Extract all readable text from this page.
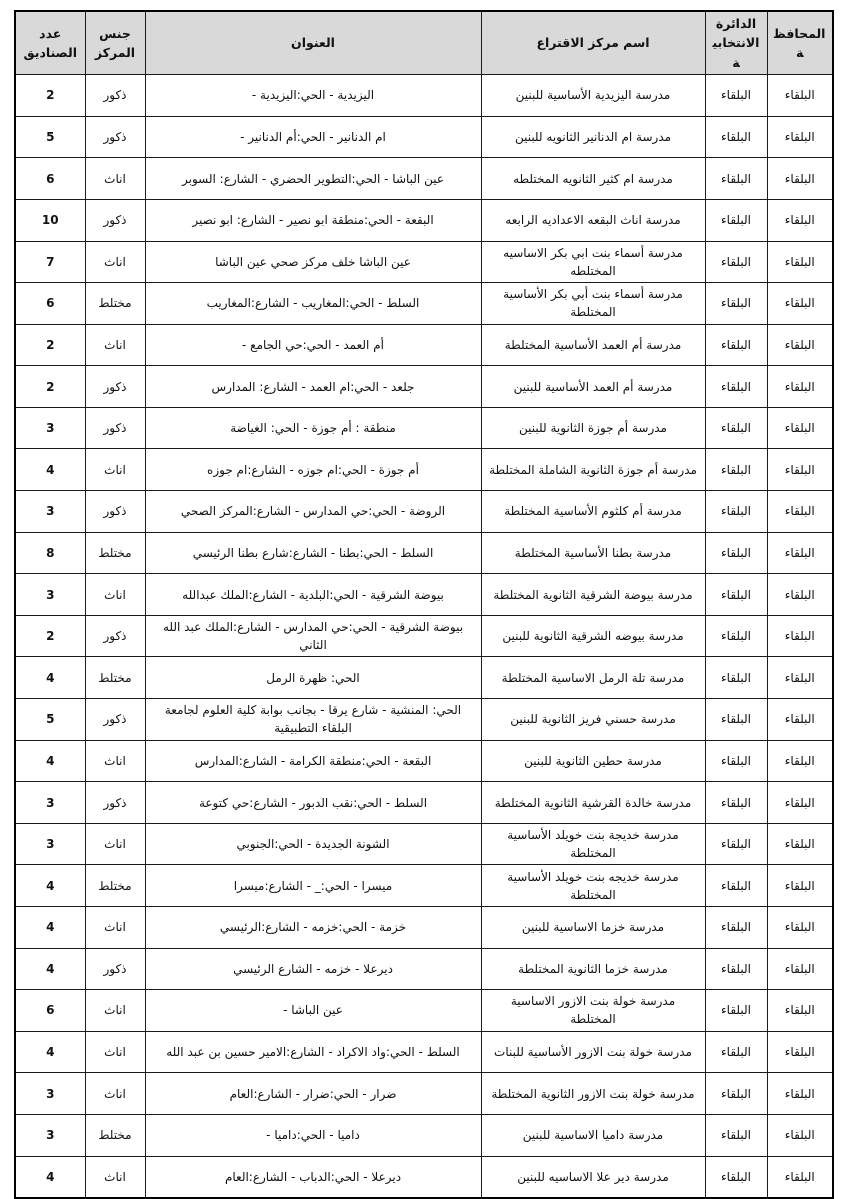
المحافظة	الدائرة الانتخابية	اسم مركز الاقتراع	العنوان	جنس المركز	عدد الصناديق
البلقاء	البلقاء	مدرسة اليزيدية الأساسية للبنين	اليزيدية - الحي:اليزيدية -	ذكور	2
البلقاء	البلقاء	مدرسة ام الدنانير الثانويه للبنين	ام الدنانير - الحي:أم الدنانير -	ذكور	5
البلقاء	البلقاء	مدرسة ام كثير الثانويه المختلطه	عين الباشا - الحي:التطوير الحضري - الشارع: السوبر	اناث	6
البلقاء	البلقاء	مدرسة اناث البقعه الاعداديه الرابعه	البقعة - الحي:منطقة ابو نصير - الشارع: ابو نصير	ذكور	10
البلقاء	البلقاء	مدرسة أسماء بنت ابي بكر الاساسيه المختلطه	عين الباشا خلف مركز صحي عين الباشا	اناث	7
البلقاء	البلقاء	مدرسة أسماء بنت أبي بكر الأساسية المختلطة	السلط - الحي:المغاريب - الشارع:المغاريب	مختلط	6
البلقاء	البلقاء	مدرسة أم العمد الأساسية المختلطة	أم العمد - الحي:حي الجامع -	اناث	2
البلقاء	البلقاء	مدرسة أم العمد الأساسية للبنين	جلعد - الحي:ام العمد - الشارع: المدارس	ذكور	2
البلقاء	البلقاء	مدرسة أم جوزة الثانوية للبنين	منطقة : أم جوزة - الحي: الغياضة	ذكور	3
البلقاء	البلقاء	مدرسة أم جوزة الثانوية الشاملة المختلطة	أم جوزة - الحي:ام جوزه - الشارع:ام جوزه	اناث	4
البلقاء	البلقاء	مدرسة أم كلثوم الأساسية المختلطة	الروضة - الحي:حي المدارس - الشارع:المركز الصحي	ذكور	3
البلقاء	البلقاء	مدرسة بطنا الأساسية المختلطة	السلط - الحي:بطنا - الشارع:شارع بطنا الرئيسي	مختلط	8
البلقاء	البلقاء	مدرسة بيوضة الشرقية الثانوية المختلطة	بيوضة الشرقية - الحي:البلدية - الشارع:الملك عبدالله	اناث	3
البلقاء	البلقاء	مدرسة بيوضه الشرقية الثانوية للبنين	بيوضة الشرقية - الحي:حي المدارس - الشارع:الملك عبد الله الثاني	ذكور	2
البلقاء	البلقاء	مدرسة تلة الرمل الاساسية المختلطة	الحي: ظهرة الرمل	مختلط	4
البلقاء	البلقاء	مدرسة حسني فريز الثانوية للبنين	الحي: المنشية - شارع يرقا - بجانب بوابة كلية العلوم لجامعة البلقاء التطبيقية	ذكور	5
البلقاء	البلقاء	مدرسة حطين الثانوية للبنين	البقعة - الحي:منطقة الكرامة - الشارع:المدارس	اناث	4
البلقاء	البلقاء	مدرسة خالدة القرشية الثانوية المختلطة	السلط - الحي:نقب الدبور - الشارع:حي كتوعة	ذكور	3
البلقاء	البلقاء	مدرسة خديجة بنت خويلد الأساسية المختلطة	الشونة الجديدة - الحي:الجنوبي	اناث	3
البلقاء	البلقاء	مدرسة خديجه بنت خويلد الأساسية المختلطة	ميسرا - الحي:_ - الشارع:ميسرا	مختلط	4
البلقاء	البلقاء	مدرسة خزما الاساسية للبنين	خزمة - الحي:خزمه - الشارع:الرئيسي	اناث	4
البلقاء	البلقاء	مدرسة خزما الثانوية المختلطة	ديرعلا - خزمه - الشارع الرئيسي	ذكور	4
البلقاء	البلقاء	مدرسة خولة بنت الازور الاساسية المختلطة	عين الباشا -	اناث	6
البلقاء	البلقاء	مدرسة خولة بنت الازور الأساسية للبنات	السلط - الحي:واد الاكراد - الشارع:الامير حسين بن عبد الله	اناث	4
البلقاء	البلقاء	مدرسة خولة بنت الازور الثانوية المختلطة	ضرار - الحي:ضرار - الشارع:العام	اناث	3
البلقاء	البلقاء	مدرسة داميا الاساسية للبنين	داميا - الحي:داميا -	مختلط	3
البلقاء	البلقاء	مدرسة دير علا الاساسيه للبنين	ديرعلا - الحي:الدباب - الشارع:العام	اناث	4
